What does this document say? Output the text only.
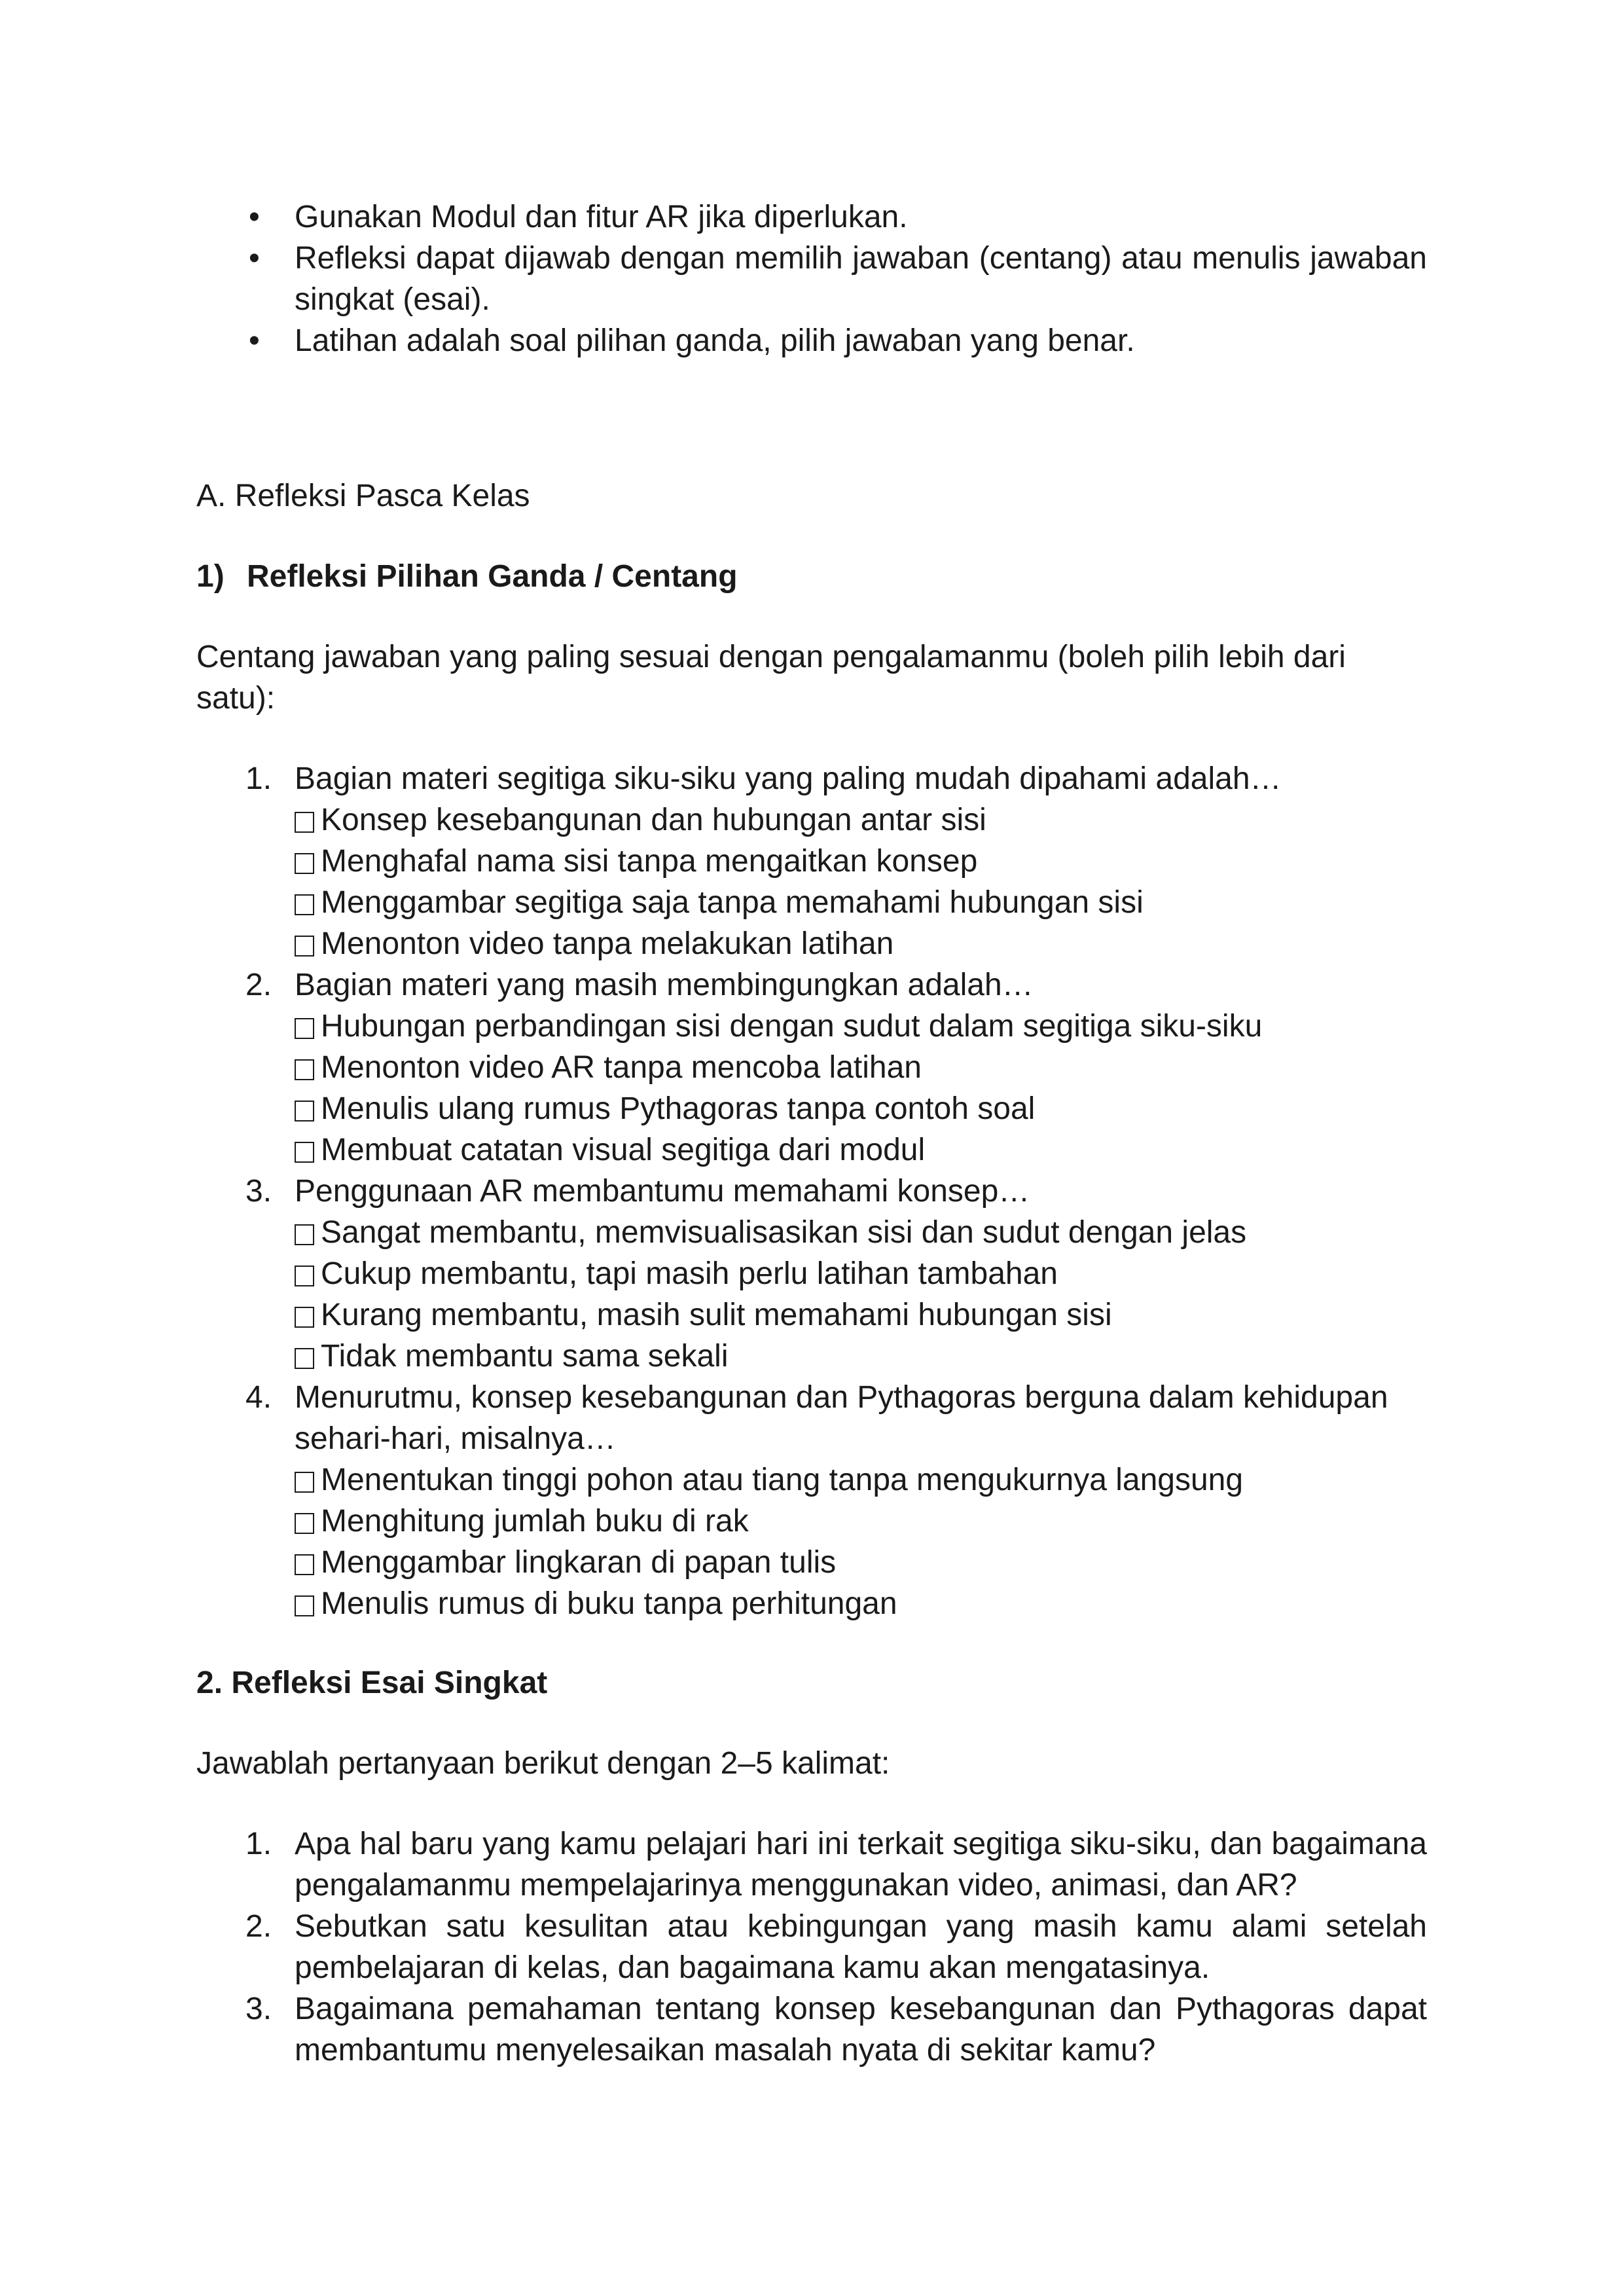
•	Gunakan Modul dan fitur AR jika diperlukan.
•	Refleksi dapat dijawab dengan memilih jawaban (centang) atau menulis jawaban singkat (esai).
•	Latihan adalah soal pilihan ganda, pilih jawaban yang benar.
A. Refleksi Pasca Kelas
1) Refleksi Pilihan Ganda / Centang
Centang jawaban yang paling sesuai dengan pengalamanmu (boleh pilih lebih dari satu):
1. Bagian materi segitiga siku-siku yang paling mudah dipahami adalah…
Konsep kesebangunan dan hubungan antar sisi
Menghafal nama sisi tanpa mengaitkan konsep
Menggambar segitiga saja tanpa memahami hubungan sisi
Menonton video tanpa melakukan latihan
2. Bagian materi yang masih membingungkan adalah…
Hubungan perbandingan sisi dengan sudut dalam segitiga siku-siku
Menonton video AR tanpa mencoba latihan
Menulis ulang rumus Pythagoras tanpa contoh soal
Membuat catatan visual segitiga dari modul
3. Penggunaan AR membantumu memahami konsep…
Sangat membantu, memvisualisasikan sisi dan sudut dengan jelas
Cukup membantu, tapi masih perlu latihan tambahan
Kurang membantu, masih sulit memahami hubungan sisi
Tidak membantu sama sekali
4. Menurutmu, konsep kesebangunan dan Pythagoras berguna dalam kehidupan sehari-hari, misalnya…
Menentukan tinggi pohon atau tiang tanpa mengukurnya langsung
Menghitung jumlah buku di rak
Menggambar lingkaran di papan tulis
Menulis rumus di buku tanpa perhitungan
2. Refleksi Esai Singkat
Jawablah pertanyaan berikut dengan 2–5 kalimat:
1. Apa hal baru yang kamu pelajari hari ini terkait segitiga siku-siku, dan bagaimana pengalamanmu mempelajarinya menggunakan video, animasi, dan AR?
2. Sebutkan satu kesulitan atau kebingungan yang masih kamu alami setelah pembelajaran di kelas, dan bagaimana kamu akan mengatasinya.
3. Bagaimana pemahaman tentang konsep kesebangunan dan Pythagoras dapat membantumu menyelesaikan masalah nyata di sekitar kamu?
